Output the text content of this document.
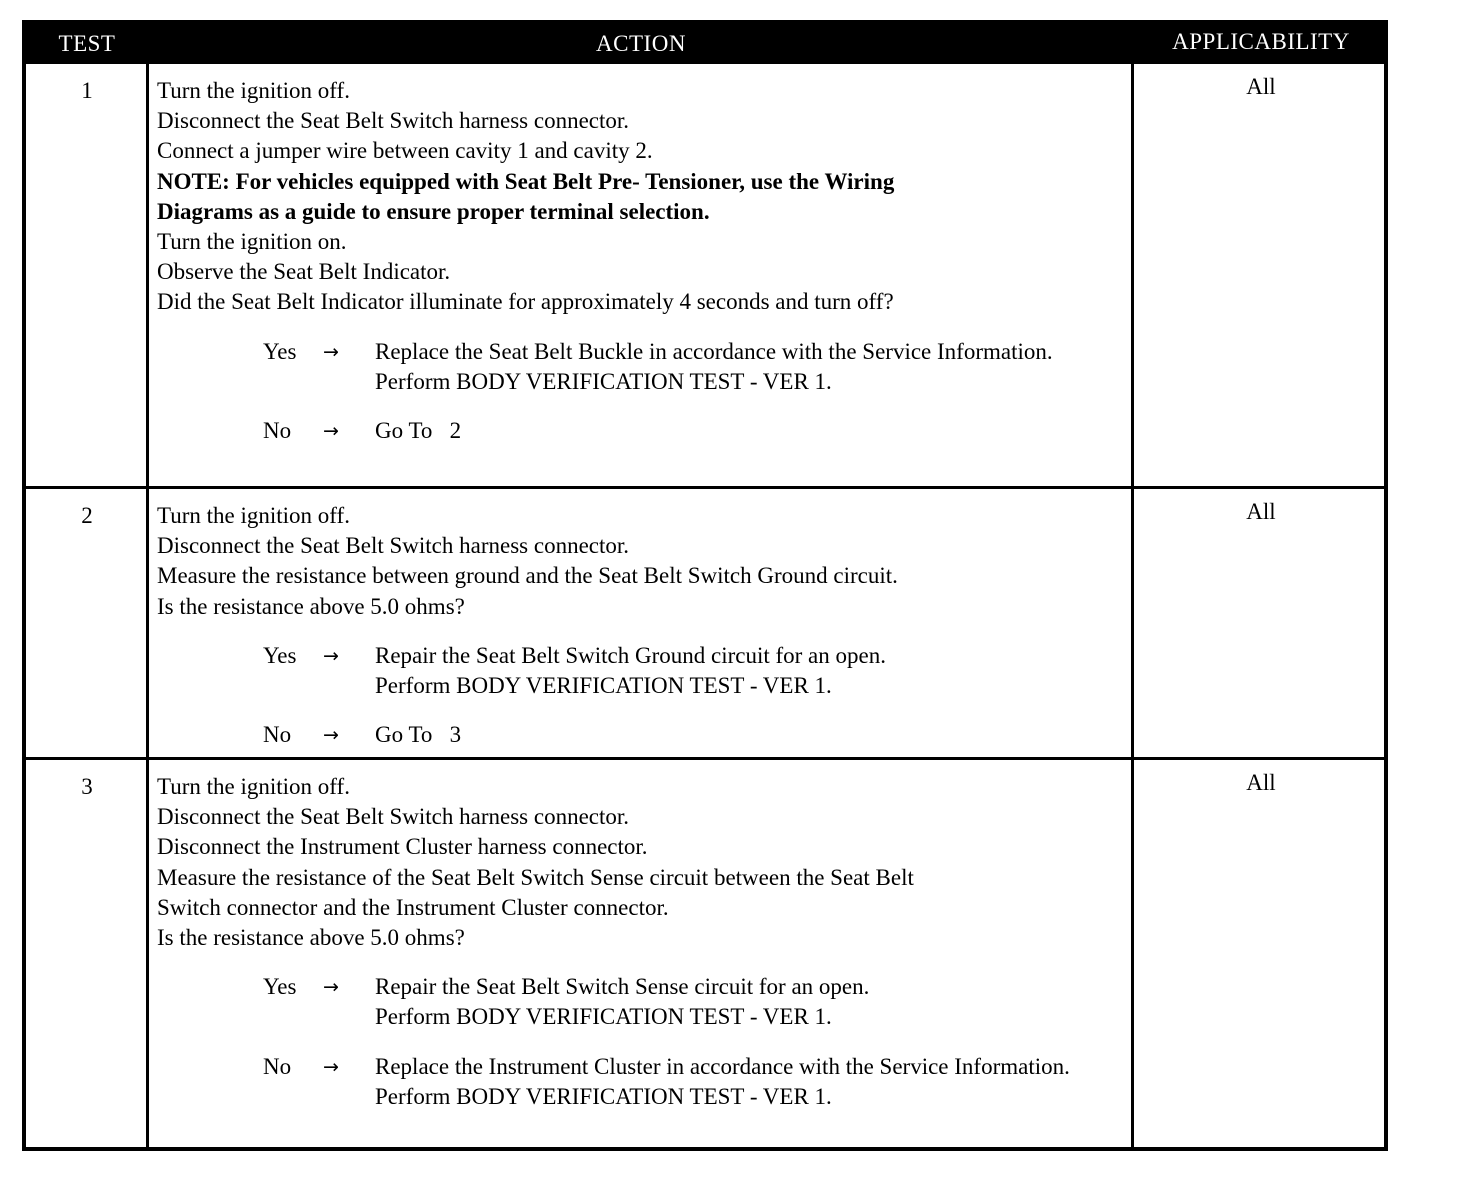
TEST	ACTION	APPLICABILITY
1	Turn the ignition off.
Disconnect the Seat Belt Switch harness connector.
Connect a jumper wire between cavity 1 and cavity 2.
NOTE: For vehicles equipped with Seat Belt Pre- Tensioner, use the Wiring
Diagrams as a guide to ensure proper terminal selection.
Turn the ignition on.
Observe the Seat Belt Indicator.
Did the Seat Belt Indicator illuminate for approximately 4 seconds and turn off?
Yes	→	Replace the Seat Belt Buckle in accordance with the Service Information.
Perform BODY VERIFICATION TEST - VER 1.
No	→	Go To   2
All
2	Turn the ignition off.
Disconnect the Seat Belt Switch harness connector.
Measure the resistance between ground and the Seat Belt Switch Ground circuit.
Is the resistance above 5.0 ohms?
Yes	→	Repair the Seat Belt Switch Ground circuit for an open.
Perform BODY VERIFICATION TEST - VER 1.
No	→	Go To   3
All
3	Turn the ignition off.
Disconnect the Seat Belt Switch harness connector.
Disconnect the Instrument Cluster harness connector.
Measure the resistance of the Seat Belt Switch Sense circuit between the Seat Belt
Switch connector and the Instrument Cluster connector.
Is the resistance above 5.0 ohms?
Yes	→	Repair the Seat Belt Switch Sense circuit for an open.
Perform BODY VERIFICATION TEST - VER 1.
No	→	Replace the Instrument Cluster in accordance with the Service Information.
Perform BODY VERIFICATION TEST - VER 1.
All
